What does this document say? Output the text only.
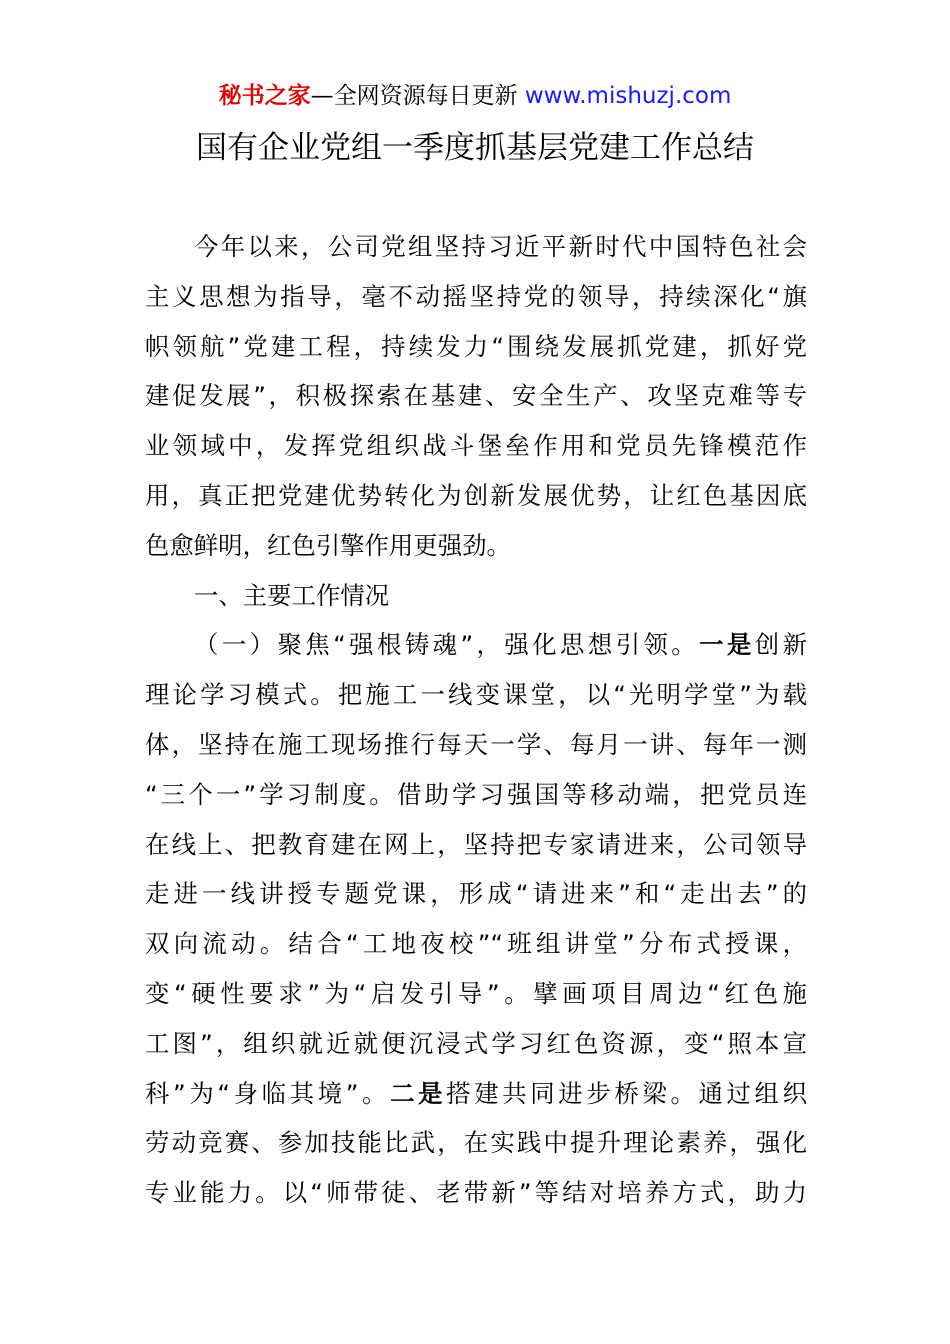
秘书之家—全网资源每日更新 www.mishuzj.com
国有企业党组一季度抓基层党建工作总结
今年以来，公司党组坚持习近平新时代中国特色社会
主义思想为指导，毫不动摇坚持党的领导，持续深化“旗
帜领航”党建工程，持续发力“围绕发展抓党建，抓好党
建促发展”，积极探索在基建、安全生产、攻坚克难等专
业领域中，发挥党组织战斗堡垒作用和党员先锋模范作
用，真正把党建优势转化为创新发展优势，让红色基因底
色愈鲜明，红色引擎作用更强劲。
一、主要工作情况
（一）聚焦“强根铸魂”，强化思想引领。一是创新
理论学习模式。把施工一线变课堂，以“光明学堂”为载
体，坚持在施工现场推行每天一学、每月一讲、每年一测
“三个一”学习制度。借助学习强国等移动端，把党员连
在线上、把教育建在网上，坚持把专家请进来，公司领导
走进一线讲授专题党课，形成“请进来”和“走出去”的
双向流动。结合“工地夜校”“班组讲堂”分布式授课，
变“硬性要求”为“启发引导”。擘画项目周边“红色施
工图”，组织就近就便沉浸式学习红色资源，变“照本宣
科”为“身临其境”。二是搭建共同进步桥梁。通过组织
劳动竞赛、参加技能比武，在实践中提升理论素养，强化
专业能力。以“师带徒、老带新”等结对培养方式，助力
